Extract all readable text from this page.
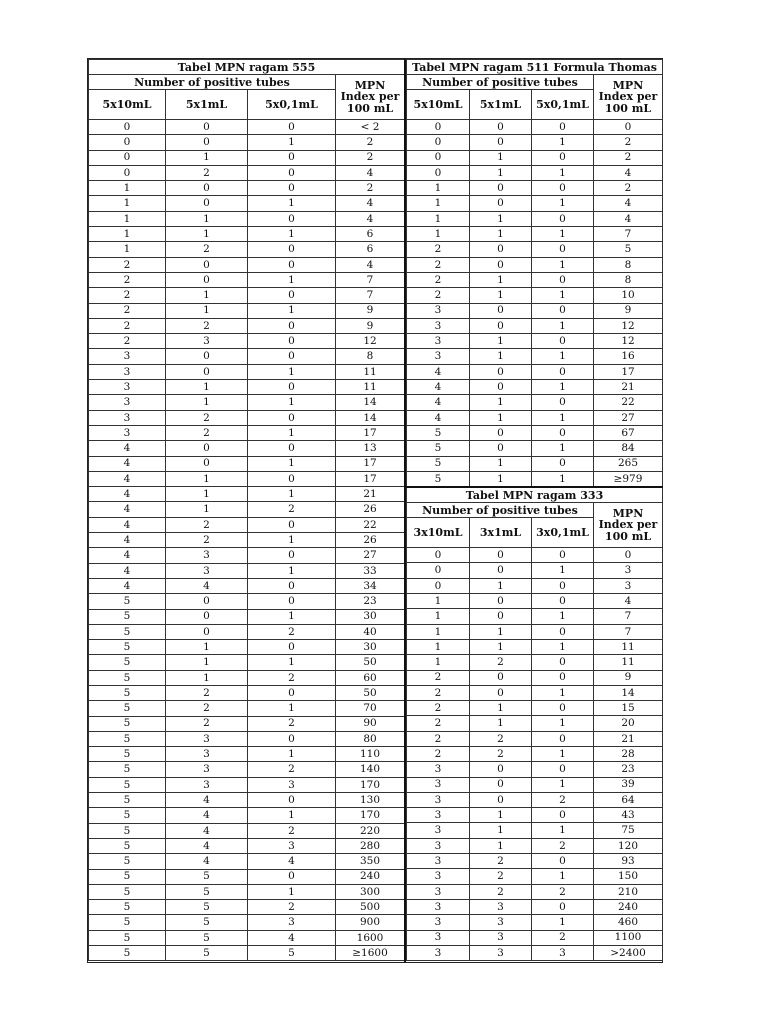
Tabel MPN ragam 555			
Number of positive tubes			MPN Index per 100 mL
5x10mL	5x1mL	5x0,1mL	
0	0	0	< 2
0	0	1	2
0	1	0	2
0	2	0	4
1	0	0	2
1	0	1	4
1	1	0	4
1	1	1	6
1	2	0	6
2	0	0	4
2	0	1	7
2	1	0	7
2	1	1	9
2	2	0	9
2	3	0	12
3	0	0	8
3	0	1	11
3	1	0	11
3	1	1	14
3	2	0	14
3	2	1	17
4	0	0	13
4	0	1	17
4	1	0	17
4	1	1	21
4	1	2	26
4	2	0	22
4	2	1	26
4	3	0	27
4	3	1	33
4	4	0	34
5	0	0	23
5	0	1	30
5	0	2	40
5	1	0	30
5	1	1	50
5	1	2	60
5	2	0	50
5	2	1	70
5	2	2	90
5	3	0	80
5	3	1	110
5	3	2	140
5	3	3	170
5	4	0	130
5	4	1	170
5	4	2	220
5	4	3	280
5	4	4	350
5	5	0	240
5	5	1	300
5	5	2	500
5	5	3	900
5	5	4	1600
5	5	5	≥1600
Tabel MPN ragam 511 Formula Thomas			
Number of positive tubes			MPN Index per 100 mL
5x10mL	5x1mL	5x0,1mL	
0	0	0	0
0	0	1	2
0	1	0	2
0	1	1	4
1	0	0	2
1	0	1	4
1	1	0	4
1	1	1	7
2	0	0	5
2	0	1	8
2	1	0	8
2	1	1	10
3	0	0	9
3	0	1	12
3	1	0	12
3	1	1	16
4	0	0	17
4	0	1	21
4	1	0	22
4	1	1	27
5	0	0	67
5	0	1	84
5	1	0	265
5	1	1	≥979
Tabel MPN ragam 333			
Number of positive tubes			MPN Index per 100 mL
3x10mL	3x1mL	3x0,1mL	
0	0	0	0
0	0	1	3
0	1	0	3
1	0	0	4
1	0	1	7
1	1	0	7
1	1	1	11
1	2	0	11
2	0	0	9
2	0	1	14
2	1	0	15
2	1	1	20
2	2	0	21
2	2	1	28
3	0	0	23
3	0	1	39
3	0	2	64
3	1	0	43
3	1	1	75
3	1	2	120
3	2	0	93
3	2	1	150
3	2	2	210
3	3	0	240
3	3	1	460
3	3	2	1100
3	3	3	>2400
